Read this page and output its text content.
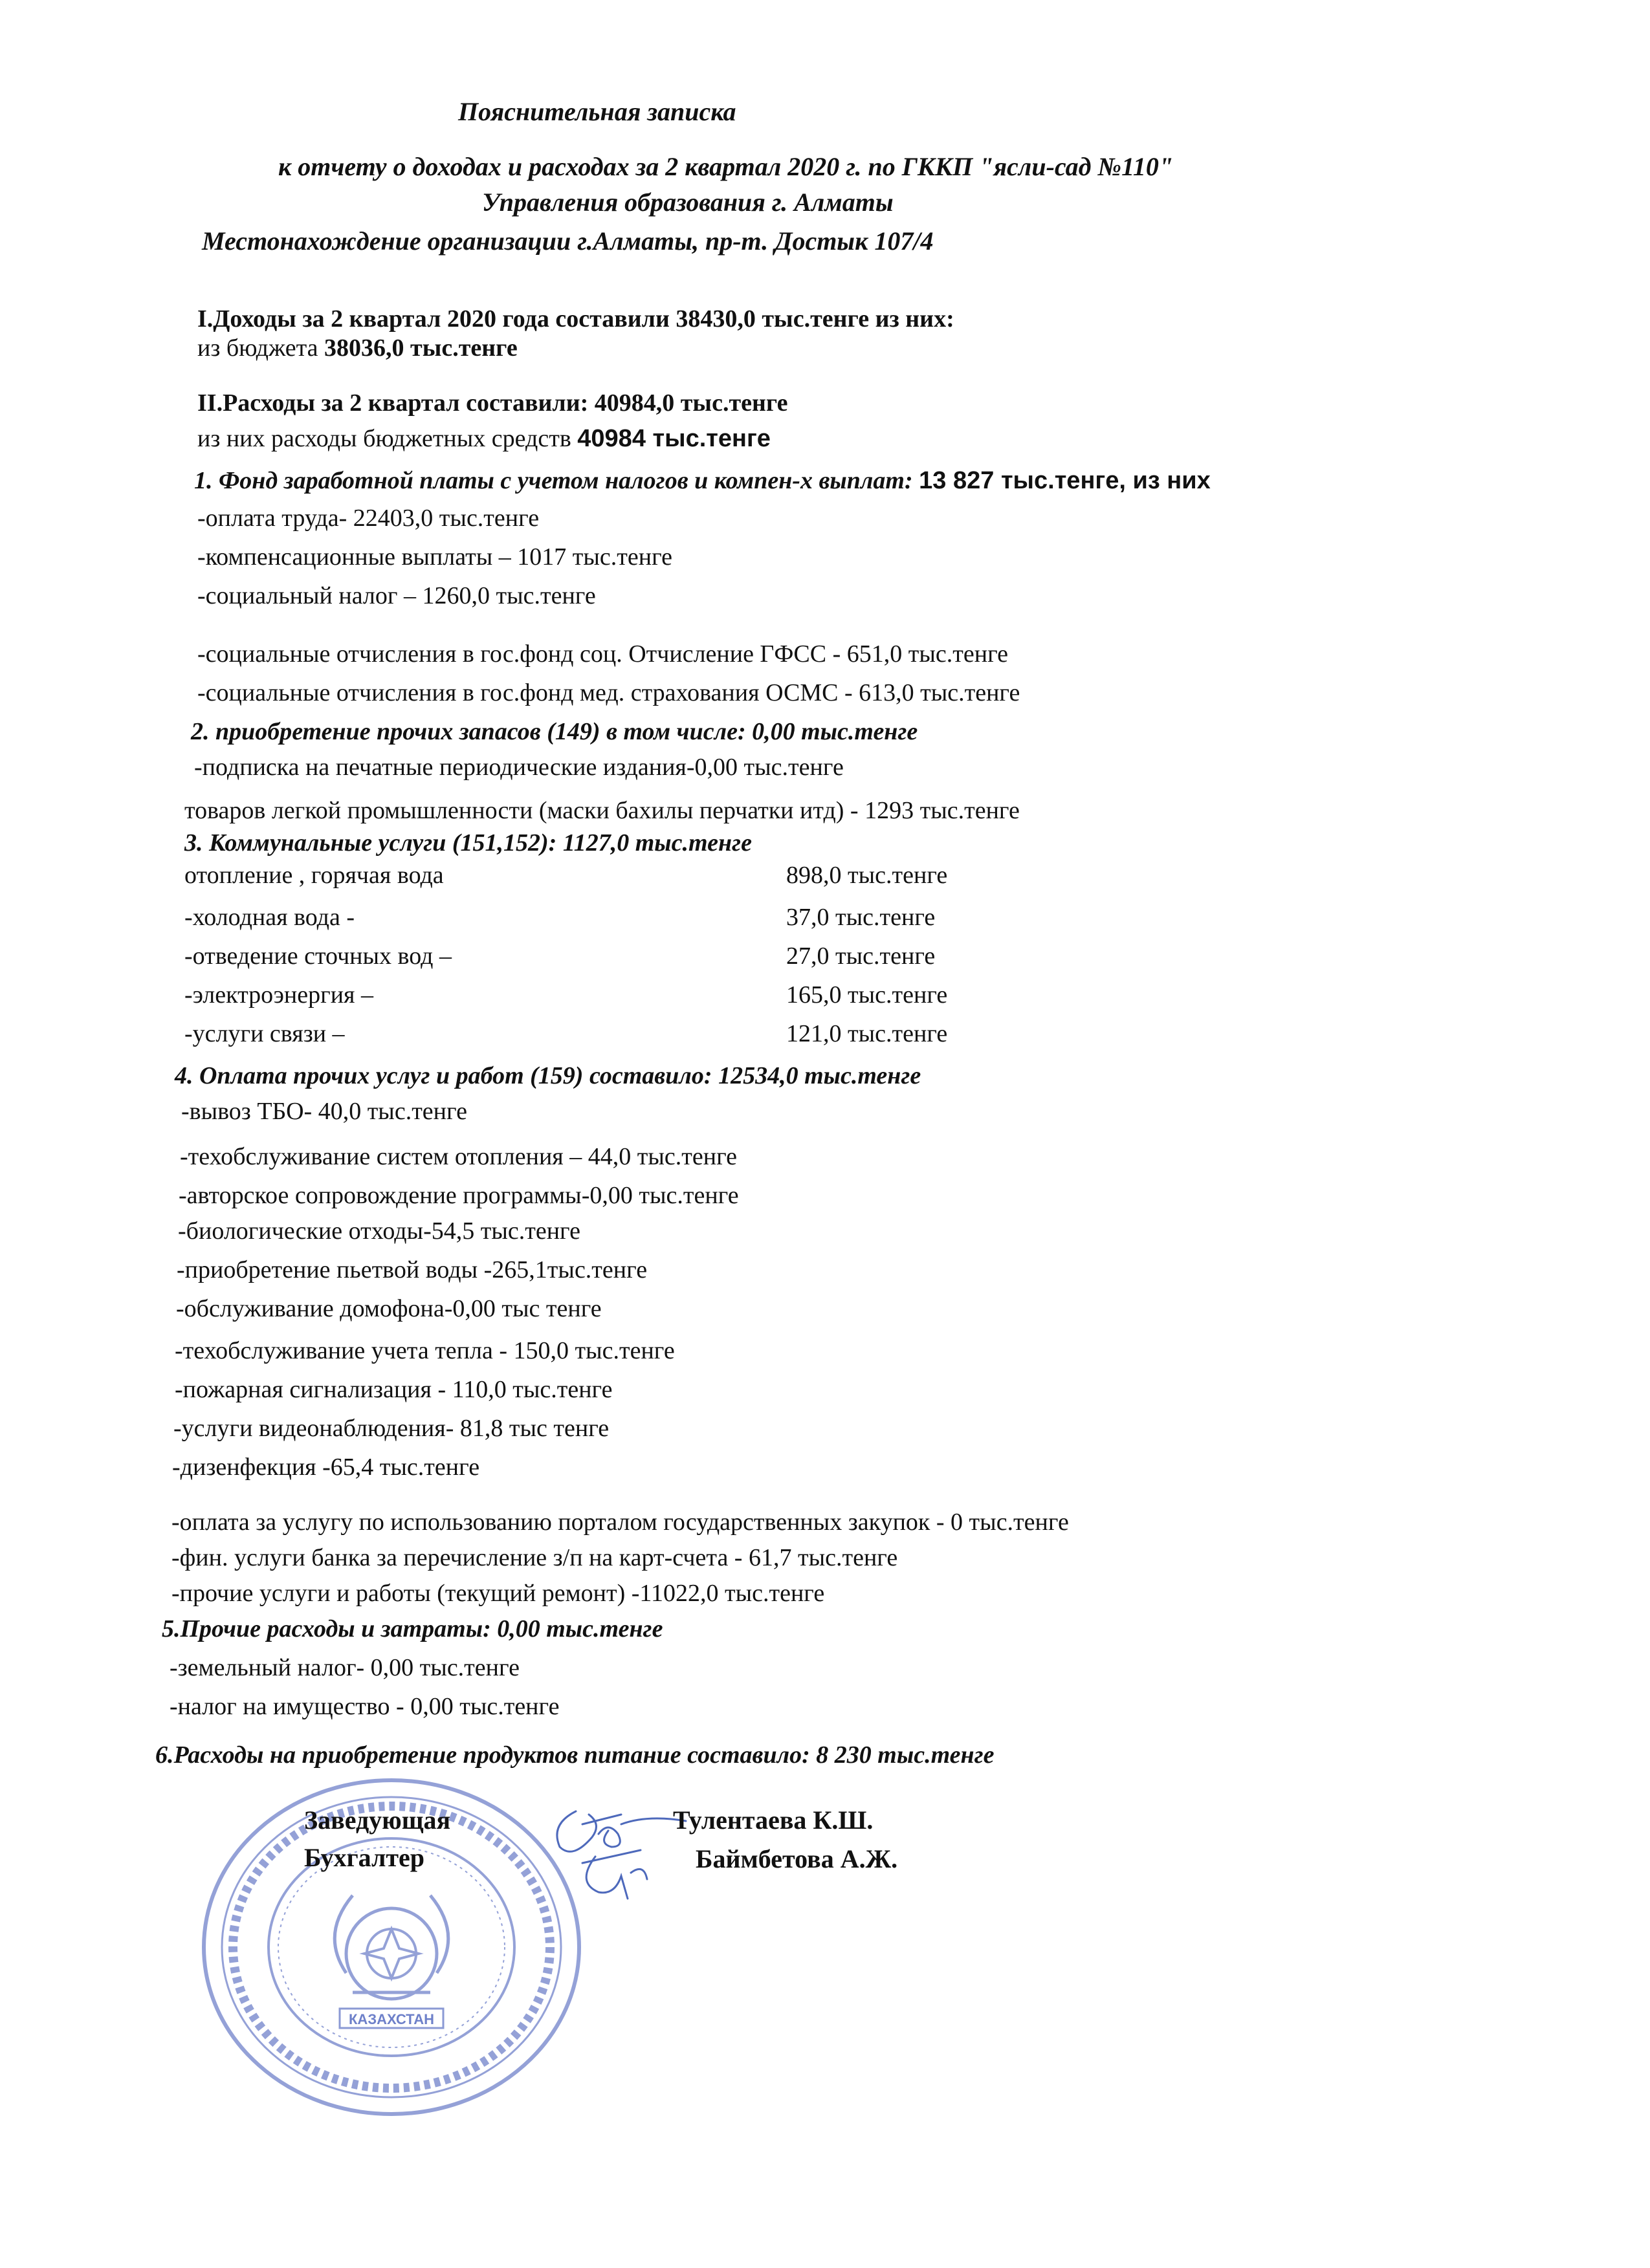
Пояснительная записка
к отчету о доходах и расходах за 2 квартал 2020 г. по ГККП "ясли-сад №110"
Управления образования г. Алматы
Местонахождение организации г.Алматы, пр-т. Достык 107/4
I.Доходы за 2 квартал 2020 года составили 38430,0 тыс.тенге из них:
из бюджета 38036,0 тыс.тенге
II.Расходы за 2 квартал составили: 40984,0 тыс.тенге
из них расходы бюджетных средств 40984 тыс.тенге
1. Фонд заработной платы с учетом налогов и компен-х выплат: 13 827 тыс.тенге, из них
-оплата труда- 22403,0 тыс.тенге
-компенсационные выплаты – 1017 тыс.тенге
-социальный налог – 1260,0 тыс.тенге
-социальные отчисления в гос.фонд соц. Отчисление ГФСС - 651,0 тыс.тенге
-социальные отчисления в гос.фонд мед. страхования ОСМС - 613,0 тыс.тенге
2. приобретение прочих запасов (149) в том числе: 0,00 тыс.тенге
-подписка на печатные периодические издания-0,00 тыс.тенге
товаров легкой промышленности (маски бахилы перчатки итд) - 1293 тыс.тенге
3. Коммунальные услуги (151,152): 1127,0 тыс.тенге
отопление , горячая вода	898,0 тыс.тенге
-холодная вода -	37,0 тыс.тенге
-отведение сточных вод –	27,0 тыс.тенге
-электроэнергия –	165,0 тыс.тенге
-услуги связи –	121,0 тыс.тенге
4. Оплата прочих услуг и работ (159) составило: 12534,0 тыс.тенге
-вывоз ТБО- 40,0 тыс.тенге
-техобслуживание систем отопления – 44,0 тыс.тенге
-авторское сопровождение программы-0,00 тыс.тенге
-биологические отходы-54,5 тыс.тенге
-приобретение пьетвой воды -265,1тыс.тенге
-обслуживание домофона-0,00 тыс тенге
-техобслуживание учета тепла - 150,0 тыс.тенге
-пожарная сигнализация - 110,0 тыс.тенге
-услуги видеонаблюдения- 81,8 тыс тенге
-дизенфекция -65,4 тыс.тенге
-оплата за услугу по использованию порталом государственных закупок - 0 тыс.тенге
-фин. услуги банка за перечисление з/п на карт-счета - 61,7 тыс.тенге
-прочие услуги и работы (текущий ремонт) -11022,0 тыс.тенге
5.Прочие расходы и затраты: 0,00 тыс.тенге
-земельный налог- 0,00 тыс.тенге
-налог на имущество - 0,00 тыс.тенге
6.Расходы на приобретение продуктов питание составило: 8 230 тыс.тенге
КАЗАХСТАН
Заведующая
Бухгалтер
Тулентаева К.Ш.
Баймбетова А.Ж.
